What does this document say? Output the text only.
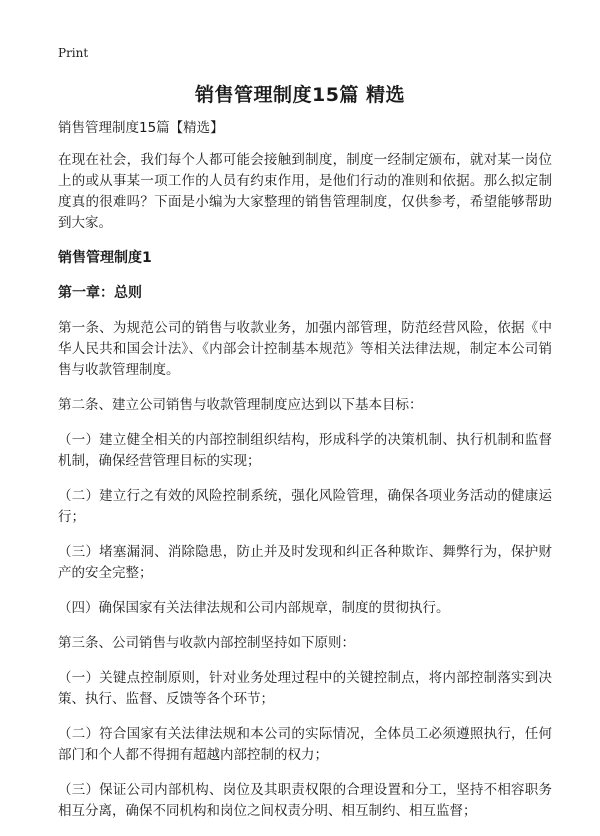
Print
销售管理制度15篇 精选

销售管理制度15篇【精选】

在现在社会，我们每个人都可能会接触到制度，制度一经制定颁布，就对某一岗位上的或从事某一项工作的人员有约束作用，是他们行动的准则和依据。那么拟定制度真的很难吗？下面是小编为大家整理的销售管理制度，仅供参考，希望能够帮助到大家。

销售管理制度1
第一章：总则

第一条、为规范公司的销售与收款业务，加强内部管理，防范经营风险，依据《中华人民共和国会计法》、《内部会计控制基本规范》等相关法律法规，制定本公司销售与收款管理制度。

第二条、建立公司销售与收款管理制度应达到以下基本目标：

（一）建立健全相关的内部控制组织结构，形成科学的决策机制、执行机制和监督机制，确保经营管理目标的实现；

（二）建立行之有效的风险控制系统，强化风险管理，确保各项业务活动的健康运行；

（三）堵塞漏洞、消除隐患，防止并及时发现和纠正各种欺诈、舞弊行为，保护财产的安全完整；

（四）确保国家有关法律法规和公司内部规章，制度的贯彻执行。

第三条、公司销售与收款内部控制坚持如下原则：

（一）关键点控制原则，针对业务处理过程中的关键控制点，将内部控制落实到决策、执行、监督、反馈等各个环节；

（二）符合国家有关法律法规和本公司的实际情况，全体员工必须遵照执行，任何部门和个人都不得拥有超越内部控制的权力；

（三）保证公司内部机构、岗位及其职责权限的合理设置和分工，坚持不相容职务相互分离，确保不同机构和岗位之间权责分明、相互制约、相互监督；
